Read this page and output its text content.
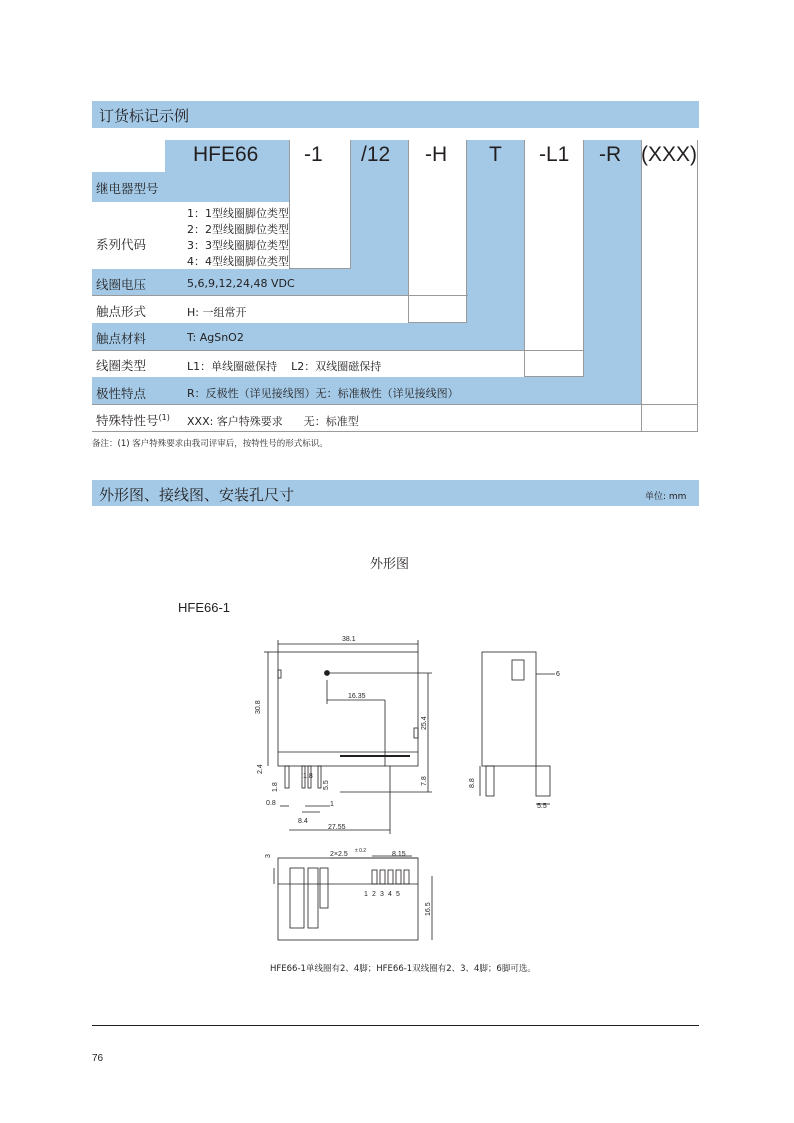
订货标记示例
HFE66 -1 /12 -H T -L1 -R (XXX)
继电器型号
系列代码
1：1型线圈脚位类型
2：2型线圈脚位类型
3：3型线圈脚位类型
4：4型线圈脚位类型
线圈电压	5,6,9,12,24,48 VDC
触点形式	H: 一组常开
触点材料	T: AgSnO2
线圈类型	L1：单线圈磁保持    L2：双线圈磁保持
极性特点	R：反极性（详见接线图）无：标准极性（详见接线图）
特殊特性号$^{(1)}$ XXX: 客户特殊要求      无：标准型
备注：(1) 客户特殊要求由我司评审后，按特性号的形式标识。
外形图、接线图、安装孔尺寸	单位: mm
外形图
HFE66-1
38.1
16.35
30.8
25.4
2.4
1.8
1.8
5.5	7.8
1
0.8
8.4
27.55
6
8.8
5.5
3	2×2.5 ± 0.2	8.15
16.5
1 2 3 4 5
HFE66-1单线圈有2、4脚；HFE66-1双线圈有2、3、4脚；6脚可选。
76
